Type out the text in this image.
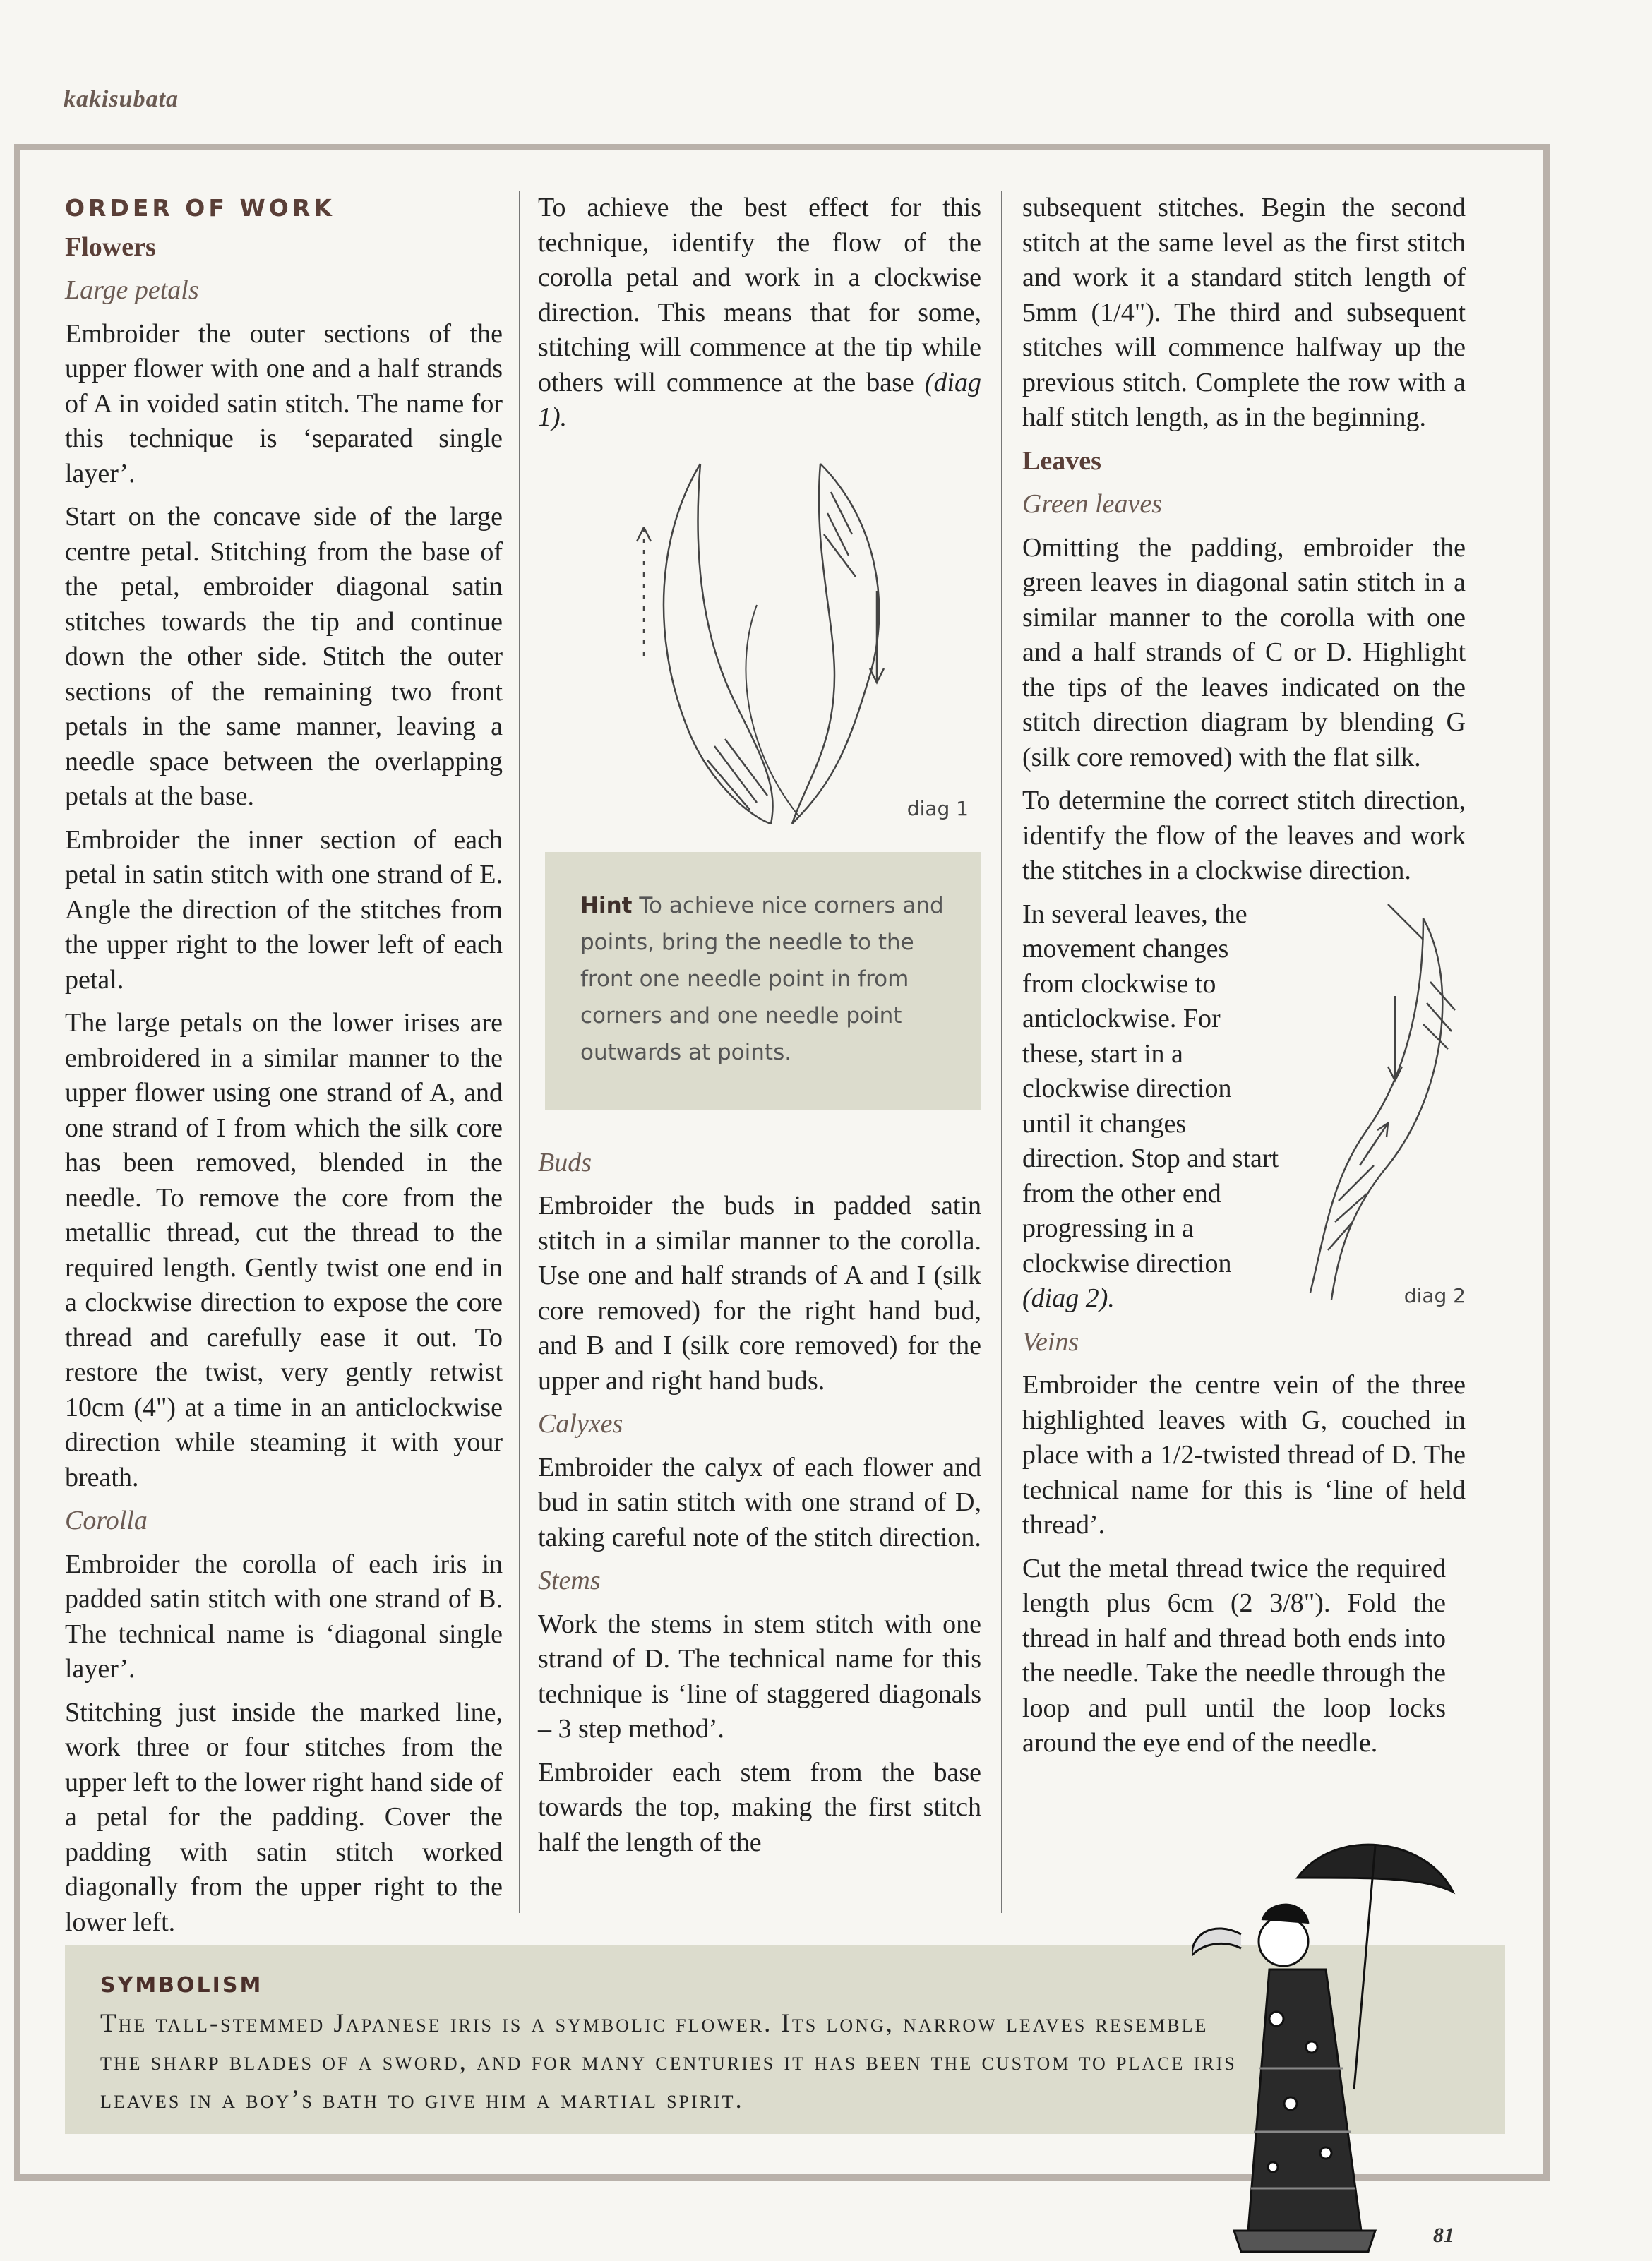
kakisubata
ORDER OF WORK

Flowers

Large petals

Embroider the outer sections of the upper flower with one and a half strands of A in voided satin stitch. The name for this technique is ‘separated single layer’.

Start on the concave side of the large centre petal. Stitching from the base of the petal, embroider diagonal satin stitches towards the tip and continue down the other side. Stitch the outer sections of the remaining two front petals in the same manner, leaving a needle space between the overlapping petals at the base.

Embroider the inner section of each petal in satin stitch with one strand of E. Angle the direction of the stitches from the upper right to the lower left of each petal.

The large petals on the lower irises are embroidered in a similar manner to the upper flower using one strand of A, and one strand of I from which the silk core has been removed, blended in the needle. To remove the core from the metallic thread, cut the thread to the required length. Gently twist one end in a clockwise direction to expose the core thread and carefully ease it out. To restore the twist, very gently retwist 10cm (4") at a time in an anticlockwise direction while steaming it with your breath.

Corolla

Embroider the corolla of each iris in padded satin stitch with one strand of B. The technical name is ‘diagonal single layer’.

Stitching just inside the marked line, work three or four stitches from the upper left to the lower right hand side of a petal for the padding. Cover the padding with satin stitch worked diagonally from the upper right to the lower left.

To achieve the best effect for this technique, identify the flow of the corolla petal and work in a clockwise direction. This means that for some, stitching will commence at the tip while others will commence at the base (diag 1).

diag 1
Hint To achieve nice corners and points, bring the needle to the front one needle point in from corners and one needle point outwards at points.

Buds

Embroider the buds in padded satin stitch in a similar manner to the corolla. Use one and half strands of A and I (silk core removed) for the right hand bud, and B and I (silk core removed) for the upper and right hand buds.

Calyxes

Embroider the calyx of each flower and bud in satin stitch with one strand of D, taking careful note of the stitch direction.

Stems

Work the stems in stem stitch with one strand of D. The technical name for this technique is ‘line of staggered diagonals – 3 step method’.

Embroider each stem from the base towards the top, making the first stitch half the length of the

subsequent stitches. Begin the second stitch at the same level as the first stitch and work it a standard stitch length of 5mm (1/4"). The third and subsequent stitches will commence halfway up the previous stitch. Complete the row with a half stitch length, as in the beginning.

Leaves

Green leaves

Omitting the padding, embroider the green leaves in diagonal satin stitch in a similar manner to the corolla with one and a half strands of C or D. Highlight the tips of the leaves indicated on the stitch direction diagram by blending G (silk core removed) with the flat silk.

To determine the correct stitch direction, identify the flow of the leaves and work the stitches in a clockwise direction.

In several leaves, the movement changes from clockwise to anticlockwise. For these, start in a clockwise direction until it changes direction. Stop and start from the other end progressing in a clockwise direction (diag 2).	diag 2

Veins

Embroider the centre vein of the three highlighted leaves with G, couched in place with a 1/2-twisted thread of D. The technical name for this is ‘line of held thread’.

Cut the metal thread twice the required length plus 6cm (2 3/8"). Fold the thread in half and thread both ends into the needle. Take the needle through the loop and pull until the loop locks around the eye end of the needle.

SYMBOLISM
The tall-stemmed Japanese iris is a symbolic flower. Its long, narrow leaves resemble the sharp blades of a sword, and for many centuries it has been the custom to place iris leaves in a boy’s bath to give him a martial spirit.
81
